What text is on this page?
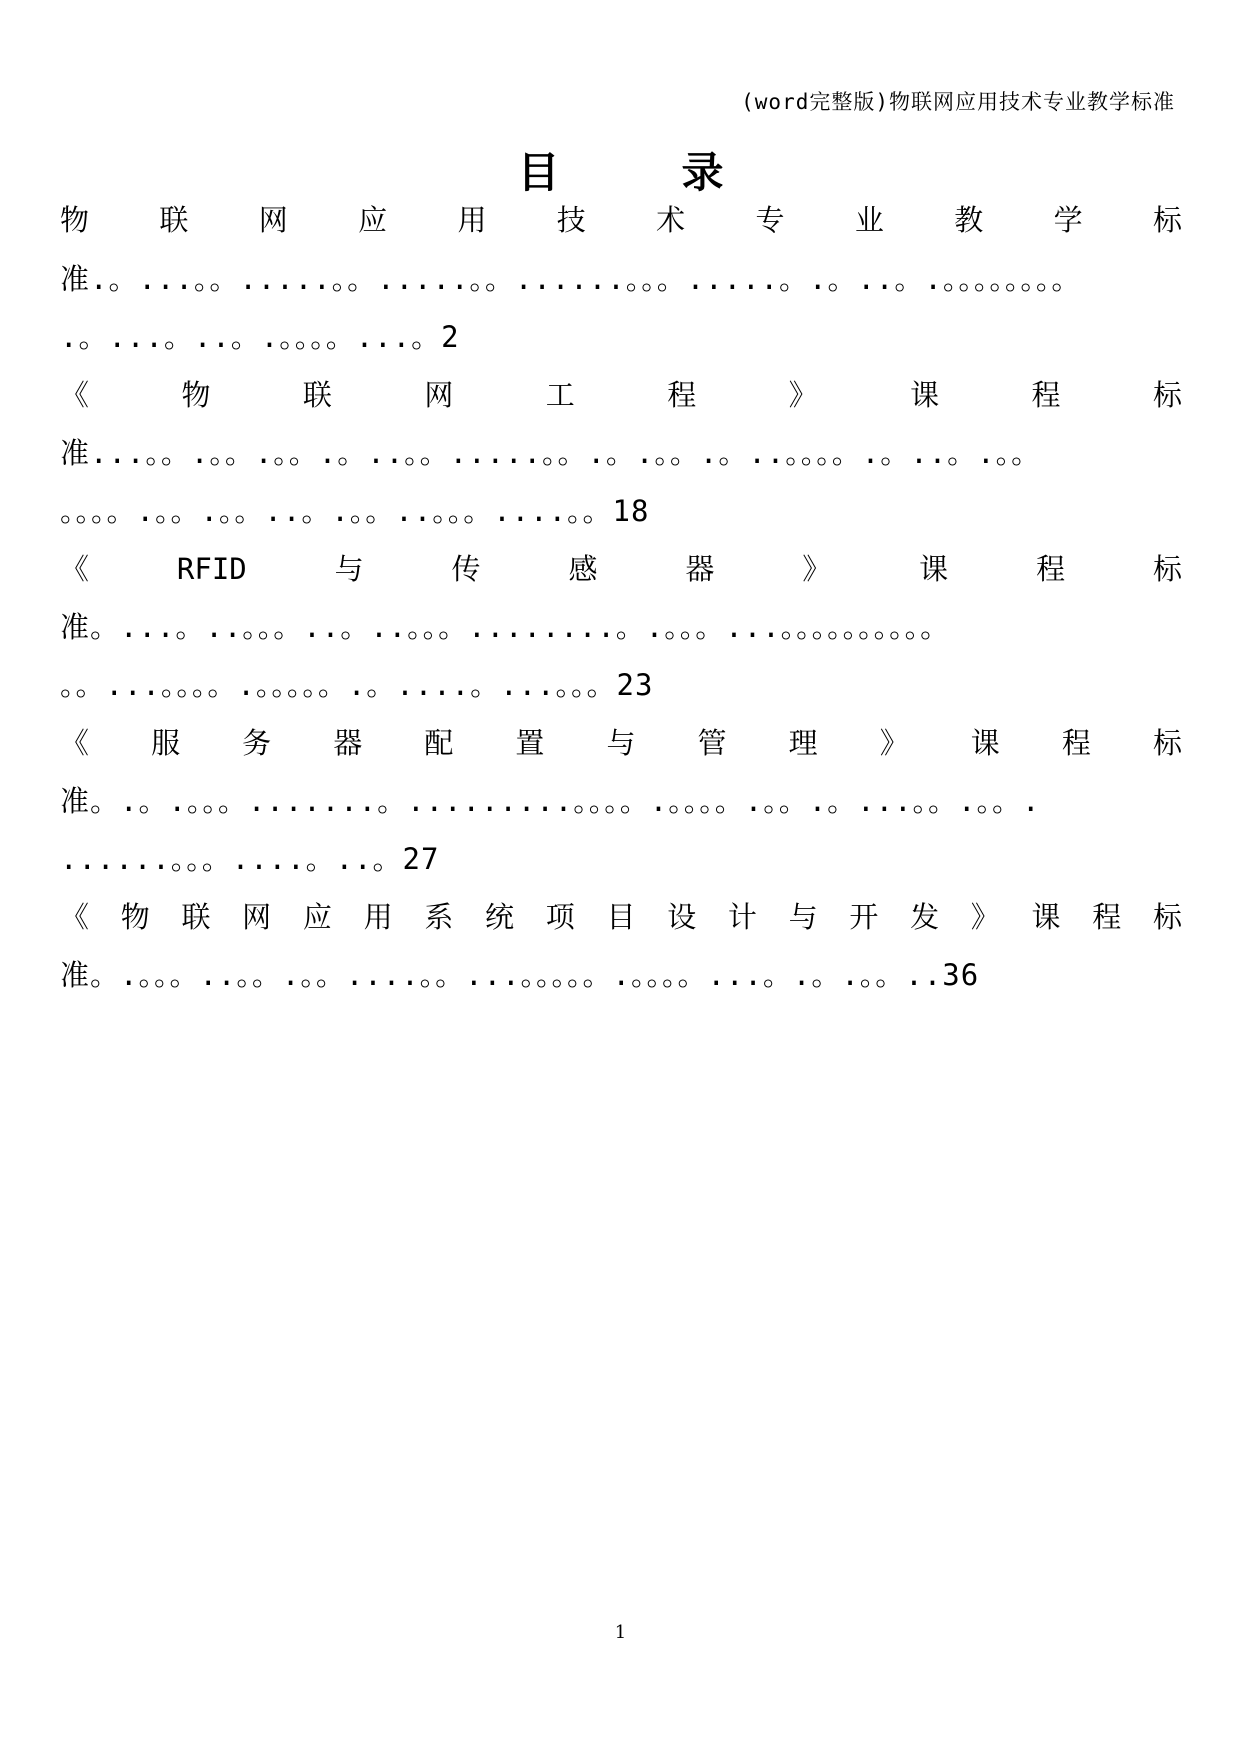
(word完整版)物联网应用技术专业教学标准
目	录
物 联 网 应 用 技 术 专 业 教 学 标
准.。...。。.....。。.....。。......。。。.....。.。..。.。。。。。。。。
.。...。..。.。。。。...。2
《	物	联	网	工	程	》	课	程	标
准...。。.。。.。。.。..。。.....。。.。.。。.。..。。。。.。..。.。。
。。。。.。。.。。..。.。。..。。。....。。18
《	RFID	与	传	感	器	》	课	程	标
准。...。..。。。..。..。。。........。.。。。...。。。。。。。。。。
。。...。。。。.。。。。。.。....。...。。。23
《 服 务 器 配 置 与 管 理 》 课 程 标
准。.。.。。。.......。.........。。。。.。。。。.。。.。...。。.。。.
......。。。....。..。27
《 物 联 网 应 用 系 统 项 目 设 计 与 开 发 》 课 程 标
准。.。。。..。。.。。....。。...。。。。。.。。。。...。.。.。。..36
1
